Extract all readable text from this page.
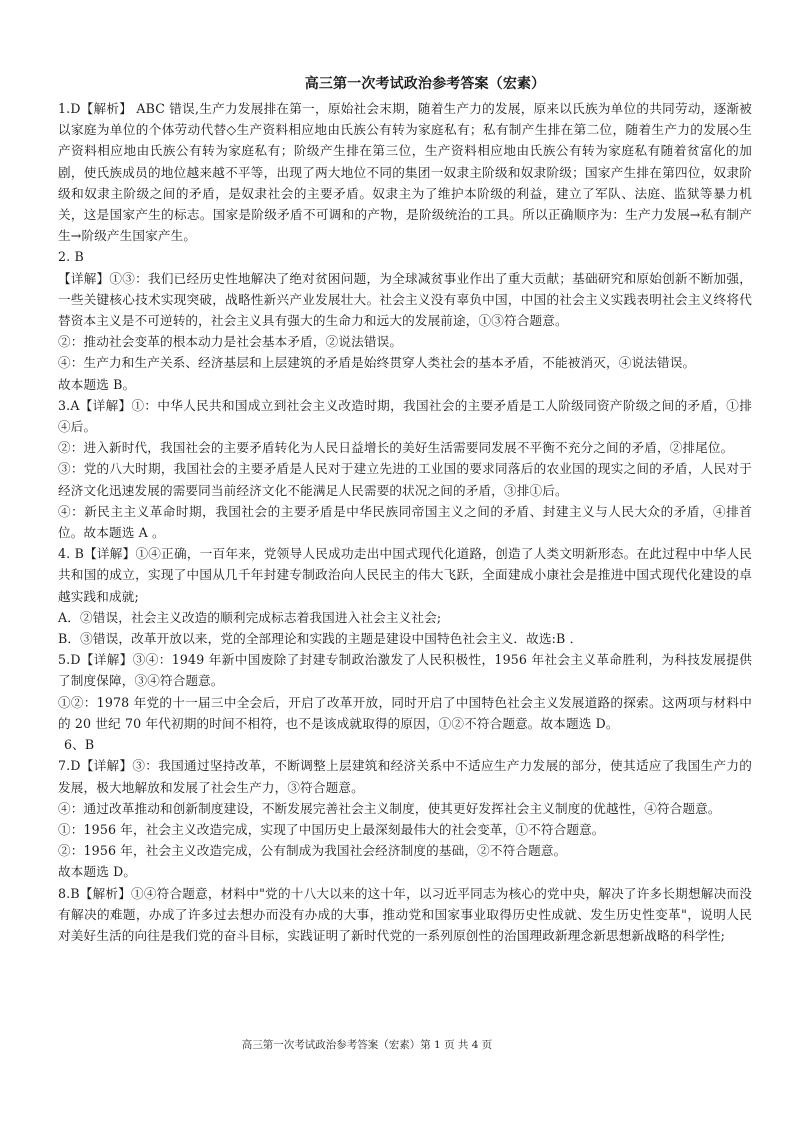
高三第一次考试政治参考答案（宏素）

1.D【解析】 ABC 错误,生产力发展排在第一，原始社会末期，随着生产力的发展，原来以氏族为单位的共同劳动，逐渐被以家庭为单位的个体劳动代替◇生产资料相应地由氏族公有转为家庭私有；私有制产生排在第二位，随着生产力的发展◇生产资料相应地由氏族公有转为家庭私有；阶级产生排在第三位，生产资料相应地由氏族公有转为家庭私有随着贫富化的加剧，使氏族成员的地位越来越不平等，出现了两大地位不同的集团一奴隶主阶级和奴隶阶级；国家产生排在第四位，奴隶阶级和奴隶主阶级之间的矛盾，是奴隶社会的主要矛盾。奴隶主为了维护本阶级的利益，建立了军队、法庭、监狱等暴力机关，这是国家产生的标志。国家是阶级矛盾不可调和的产物，是阶级统治的工具。所以正确顺序为：生产力发展→私有制产生→阶级产生国家产生。

2. B

【详解】①③：我们已经历史性地解决了绝对贫困问题，为全球减贫事业作出了重大贡献；基础研究和原始创新不断加强，一些关键核心技术实现突破，战略性新兴产业发展壮大。社会主义没有辜负中国，中国的社会主义实践表明社会主义终将代替资本主义是不可逆转的，社会主义具有强大的生命力和远大的发展前途，①③符合题意。

②：推动社会变革的根本动力是社会基本矛盾，②说法错误。

④：生产力和生产关系、经济基层和上层建筑的矛盾是始终贯穿人类社会的基本矛盾，不能被消灭，④说法错误。

故本题选 B。

3.A【详解】①：中华人民共和国成立到社会主义改造时期，我国社会的主要矛盾是工人阶级同资产阶级之间的矛盾，①排④后。

②：进入新时代，我国社会的主要矛盾转化为人民日益增长的美好生活需要同发展不平衡不充分之间的矛盾，②排尾位。

③：党的八大时期，我国社会的主要矛盾是人民对于建立先进的工业国的要求同落后的农业国的现实之间的矛盾，人民对于经济文化迅速发展的需要同当前经济文化不能满足人民需要的状况之间的矛盾，③排①后。

④：新民主主义革命时期，我国社会的主要矛盾是中华民族同帝国主义之间的矛盾、封建主义与人民大众的矛盾，④排首位。故本题选 A 。

4. B【详解】①④正确，一百年来，党领导人民成功走出中国式现代化道路，创造了人类文明新形态。在此过程中中华人民共和国的成立，实现了中国从几千年封建专制政治向人民民主的伟大飞跃，全面建成小康社会是推进中国式现代化建设的卓越实践和成就;

A．②错误，社会主义改造的顺利完成标志着我国进入社会主义社会;

B．③错误，改革开放以来，党的全部理论和实践的主题是建设中国特色社会主义．故选:B ．

5.D【详解】③④：1949 年新中国废除了封建专制政治激发了人民积极性，1956 年社会主义革命胜利，为科技发展提供了制度保障，③④符合题意。

①②：1978 年党的十一届三中全会后，开启了改革开放，同时开启了中国特色社会主义发展道路的探索。这两项与材料中的 20 世纪 70 年代初期的时间不相符，也不是该成就取得的原因，①②不符合题意。故本题选 D。

6、B

7.D【详解】③：我国通过坚持改革，不断调整上层建筑和经济关系中不适应生产力发展的部分，使其适应了我国生产力的发展，极大地解放和发展了社会生产力，③符合题意。

④：通过改革推动和创新制度建设，不断发展完善社会主义制度，使其更好发挥社会主义制度的优越性，④符合题意。

①：1956 年，社会主义改造完成，实现了中国历史上最深刻最伟大的社会变革，①不符合题意。

②：1956 年，社会主义改造完成，公有制成为我国社会经济制度的基础，②不符合题意。

故本题选 D。

8.B【解析】①④符合题意，材料中"党的十八大以来的这十年，以习近平同志为核心的党中央，解决了许多长期想解决而没有解决的难题，办成了许多过去想办而没有办成的大事，推动党和国家事业取得历史性成就、发生历史性变革"，说明人民对美好生活的向往是我们党的奋斗目标，实践证明了新时代党的一系列原创性的治国理政新理念新思想新战略的科学性;

高三第一次考试政治参考答案（宏素）第 1 页 共 4 页
